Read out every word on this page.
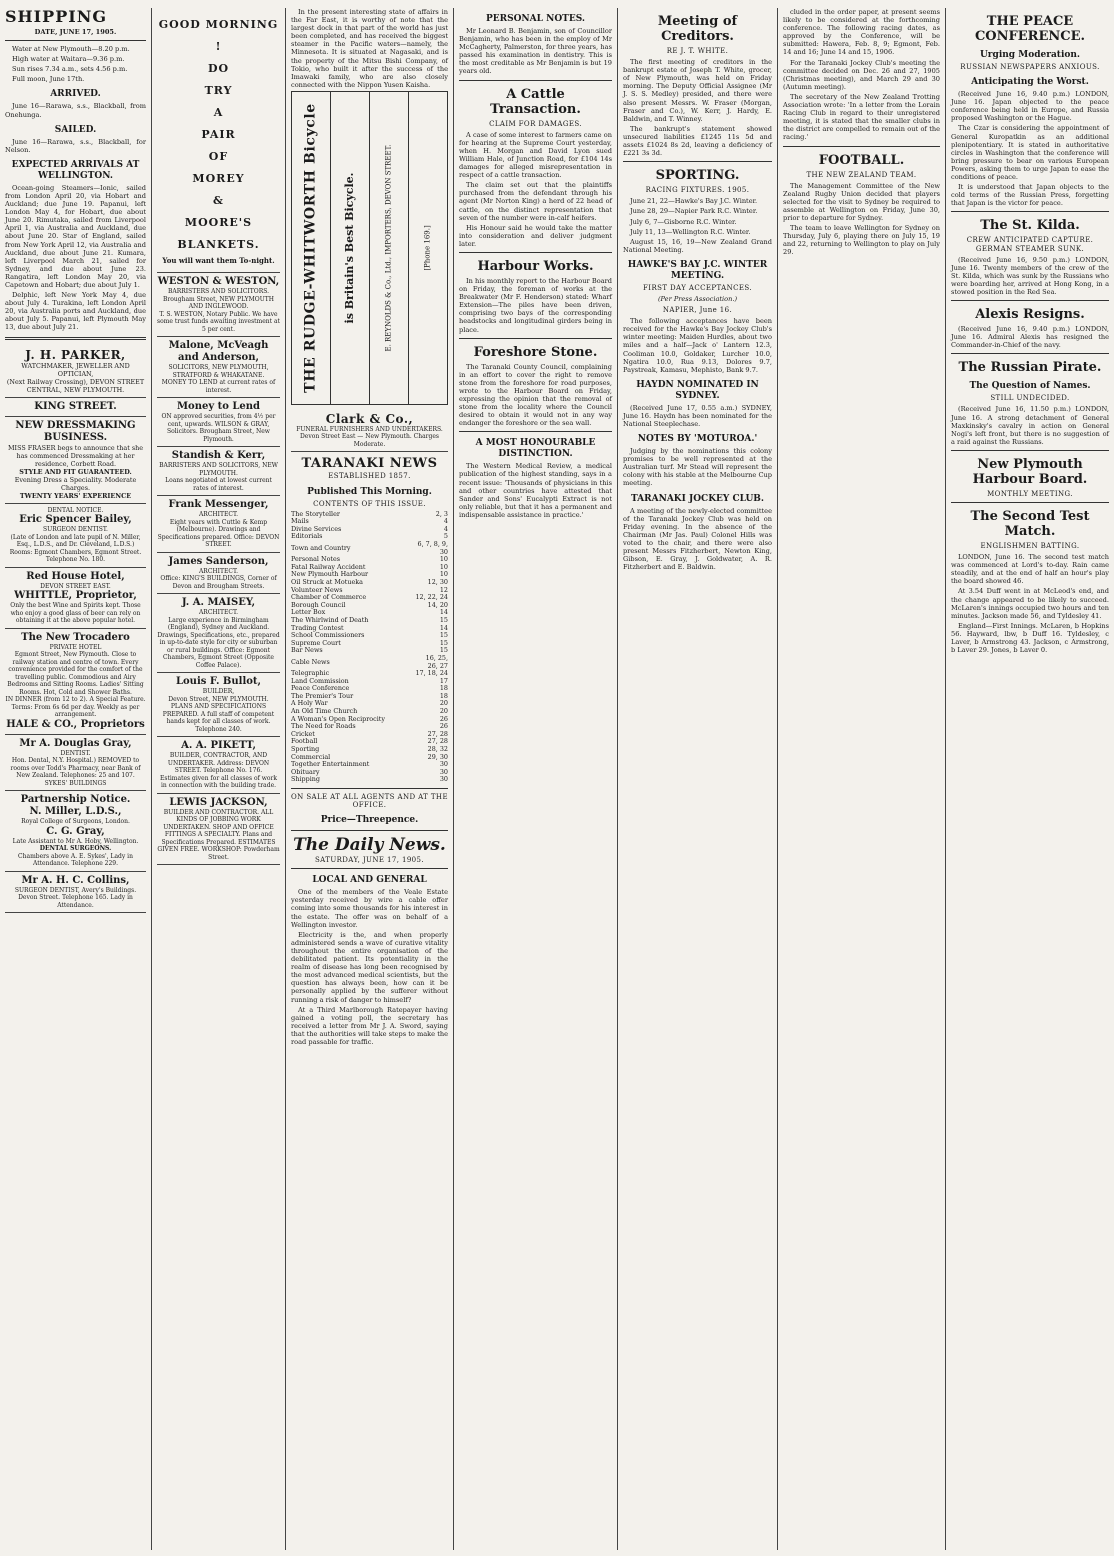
SHIPPING
DATE, JUNE 17, 1905.

Water at New Plymouth—8.20 p.m.

High water at Waitara—9.36 p.m.

Sun rises 7.34 a.m., sets 4.56 p.m.

Full moon, June 17th.

ARRIVED.

June 16—Rarawa, s.s., Blackball, from Onehunga.

SAILED.

June 16—Rarawa, s.s., Blackball, for Nelson.

EXPECTED ARRIVALS AT WELLINGTON.

Ocean-going Steamers—Ionic, sailed from London April 20, via Hobart and Auckland; due June 19. Papanui, left London May 4, for Hobart, due about June 20. Rimutaka, sailed from Liverpool April 1, via Australia and Auckland, due about June 20. Star of England, sailed from New York April 12, via Australia and Auckland, due about June 21. Kumara, left Liverpool March 21, sailed for Sydney, and due about June 23. Rangatira, left London May 20, via Capetown and Hobart; due about July 1.

Delphic, left New York May 4, due about July 4. Turakina, left London April 20, via Australia ports and Auckland, due about July 5. Papanui, left Plymouth May 13, due about July 21.

J. H. PARKER,
WATCHMAKER, JEWELLER AND OPTICIAN,
(Next Railway Crossing), DEVON STREET CENTRAL, NEW PLYMOUTH.
KING STREET.
NEW DRESSMAKING BUSINESS.
MISS FRASER begs to announce that she has commenced Dressmaking at her residence, Corbett Road.
STYLE AND FIT GUARANTEED.
Evening Dress a Speciality. Moderate Charges.
TWENTY YEARS' EXPERIENCE
DENTAL NOTICE.
Eric Spencer Bailey,
SURGEON DENTIST.
(Late of London and late pupil of N. Miller, Esq., L.D.S., and Dr. Cleveland, L.D.S.)
Rooms: Egmont Chambers, Egmont Street. Telephone No. 180.
Red House Hotel,
DEVON STREET EAST.
WHITTLE, Proprietor,
Only the best Wine and Spirits kept. Those who enjoy a good glass of beer can rely on obtaining it at the above popular hotel.
The New Trocadero
PRIVATE HOTEL
Egmont Street, New Plymouth. Close to railway station and centre of town. Every convenience provided for the comfort of the travelling public. Commodious and Airy Bedrooms and Sitting Rooms. Ladies' Sitting Rooms. Hot, Cold and Shower Baths.
IN DINNER (from 12 to 2). A Special Feature. Terms: From 6s 6d per day. Weekly as per arrangement.
HALE & CO., Proprietors
Mr A. Douglas Gray,
DENTIST.
Hon. Dental, N.Y. Hospital.) REMOVED to rooms over Todd's Pharmacy, near Bank of New Zealand. Telephones: 25 and 107. SYKES' BUILDINGS
Partnership Notice.
N. Miller, L.D.S.,
Royal College of Surgeons, London.
C. G. Gray,
Late Assistant to Mr A. Hoby, Wellington.
DENTAL SURGEONS.
Chambers above A. E. Sykes', Lady in Attendance. Telephone 229.
Mr A. H. C. Collins,
SURGEON DENTIST, Avery's Buildings. Devon Street. Telephone 165. Lady in Attendance.
GOOD MORNING !
DO
TRY
A
PAIR
OF
MOREY
&
MOORE'S
BLANKETS.
You will want them To-night.
WESTON & WESTON,
BARRISTERS AND SOLICITORS. Brougham Street, NEW PLYMOUTH AND INGLEWOOD.
T. S. WESTON, Notary Public. We have some trust funds awaiting investment at 5 per cent.
Malone, McVeagh and Anderson,
SOLICITORS, NEW PLYMOUTH, STRATFORD & WHAKATANE.
MONEY TO LEND at current rates of interest.
Money to Lend
ON approved securities, from 4½ per cent, upwards. WILSON & GRAY, Solicitors. Brougham Street, New Plymouth.
Standish & Kerr,
BARRISTERS AND SOLICITORS, NEW PLYMOUTH.
Loans negotiated at lowest current rates of interest.
Frank Messenger,
ARCHITECT.
Eight years with Cuttle & Kemp (Melbourne). Drawings and Specifications prepared. Office: DEVON STREET.
James Sanderson,
ARCHITECT.
Office: KING'S BUILDINGS, Corner of Devon and Brougham Streets.
J. A. MAISEY,
ARCHITECT.
Large experience in Birmingham (England), Sydney and Auckland. Drawings, Specifications, etc., prepared in up-to-date style for city or suburban or rural buildings. Office: Egmont Chambers, Egmont Street (Opposite Coffee Palace).
Louis F. Bullot,
BUILDER,
Devon Street, NEW PLYMOUTH. PLANS AND SPECIFICATIONS PREPARED. A full staff of competent hands kept for all classes of work. Telephone 240.
A. A. PIKETT,
BUILDER, CONTRACTOR, AND UNDERTAKER. Address: DEVON STREET. Telephone No. 176.
Estimates given for all classes of work in connection with the building trade.
LEWIS JACKSON,
BUILDER AND CONTRACTOR. ALL KINDS OF JOBBING WORK UNDERTAKEN. SHOP AND OFFICE FITTINGS A SPECIALTY. Plans and Specifications Prepared. ESTIMATES GIVEN FREE. WORKSHOP: Powderham Street.

In the present interesting state of affairs in the Far East, it is worthy of note that the largest dock in that part of the world has just been completed, and has received the biggest steamer in the Pacific waters—namely, the Minnesota. It is situated at Nagasaki, and is the property of the Mitsu Bishi Company, of Tokio, who built it after the success of the Imawaki family, who are also closely connected with the Nippon Yusen Kaisha.

THE RUDGE-WHITWORTH Bicycle is Britain's Best Bicycle.	E. REYNOLDS & Co., Ltd., IMPORTERS, DEVON STREET.	[Phone 169.]
Clark & Co.,
FUNERAL FURNISHERS AND UNDERTAKERS. Devon Street East — New Plymouth. Charges Moderate.
TARANAKI NEWS
ESTABLISHED 1857.
Published This Morning.
CONTENTS OF THIS ISSUE.
The Storyteller	2, 3
Mails	4
Divine Services	4
Editorials	5
Town and Country	6, 7, 8, 9, 30
Personal Notes	10
Fatal Railway Accident	10
New Plymouth Harbour	10
Oil Struck at Motueka	12, 30
Volunteer News	12
Chamber of Commerce	12, 22, 24
Borough Council	14, 20
Letter Box	14
The Whirlwind of Death	15
Trading Contest	14
School Commissioners	15
Supreme Court	15
Bar News	15
Cable News	16, 25, 26, 27
Telegraphic	17, 18, 24
Land Commission	17
Peace Conference	18
The Premier's Tour	18
A Holy War	20
An Old Time Church	20
A Woman's Open Reciprocity	26
The Need for Roads	26
Cricket	27, 28
Football	27, 28
Sporting	28, 32
Commercial	29, 30
Together Entertainment	30
Obituary	30
Shipping	30
ON SALE AT ALL AGENTS AND AT THE OFFICE.
Price—Threepence.
The Daily News.
SATURDAY, JUNE 17, 1905.
LOCAL AND GENERAL

One of the members of the Veale Estate yesterday received by wire a cable offer coming into some thousands for his interest in the estate. The offer was on behalf of a Wellington investor.

Electricity is the, and when properly administered sends a wave of curative vitality throughout the entire organisation of the debilitated patient. Its potentiality in the realm of disease has long been recognised by the most advanced medical scientists, but the question has always been, how can it be personally applied by the sufferer without running a risk of danger to himself?

At a Third Marlborough Ratepayer having gained a voting poll, the secretary has received a letter from Mr J. A. Sword, saying that the authorities will take steps to make the road passable for traffic.

PERSONAL NOTES.

Mr Leonard B. Benjamin, son of Councillor Benjamin, who has been in the employ of Mr McCagherty, Palmerston, for three years, has passed his examination in dentistry. This is the most creditable as Mr Benjamin is but 19 years old.

A Cattle Transaction.
CLAIM FOR DAMAGES.

A case of some interest to farmers came on for hearing at the Supreme Court yesterday, when H. Morgan and David Lyon sued William Hale, of Junction Road, for £104 14s damages for alleged misrepresentation in respect of a cattle transaction.

The claim set out that the plaintiffs purchased from the defendant through his agent (Mr Norton King) a herd of 22 head of cattle, on the distinct representation that seven of the number were in-calf heifers.

His Honour said he would take the matter into consideration and deliver judgment later.

Harbour Works.

In his monthly report to the Harbour Board on Friday, the foreman of works at the Breakwater (Mr F. Henderson) stated: Wharf Extension—The piles have been driven, comprising two bays of the corresponding headstocks and longitudinal girders being in place.

Foreshore Stone.

The Taranaki County Council, complaining in an effort to cover the right to remove stone from the foreshore for road purposes, wrote to the Harbour Board on Friday, expressing the opinion that the removal of stone from the locality where the Council desired to obtain it would not in any way endanger the foreshore or the sea wall.

A MOST HONOURABLE DISTINCTION.

The Western Medical Review, a medical publication of the highest standing, says in a recent issue: 'Thousands of physicians in this and other countries have attested that Sander and Sons' Eucalypti Extract is not only reliable, but that it has a permanent and indispensable assistance in practice.'

Meeting of Creditors.
RE J. T. WHITE.

The first meeting of creditors in the bankrupt estate of Joseph T. White, grocer, of New Plymouth, was held on Friday morning. The Deputy Official Assignee (Mr J. S. S. Medley) presided, and there were also present Messrs. W. Fraser (Morgan, Fraser and Co.), W. Kerr, J. Hardy, E. Baldwin, and T. Winney.

The bankrupt's statement showed unsecured liabilities £1245 11s 5d and assets £1024 8s 2d, leaving a deficiency of £221 3s 3d.

SPORTING.
RACING FIXTURES. 1905.

June 21, 22—Hawke's Bay J.C. Winter.

June 28, 29—Napier Park R.C. Winter.

July 6, 7—Gisborne R.C. Winter.

July 11, 13—Wellington R.C. Winter.

August 15, 16, 19—New Zealand Grand National Meeting.

HAWKE'S BAY J.C. WINTER MEETING.
FIRST DAY ACCEPTANCES.
(Per Press Association.)
NAPIER, June 16.

The following acceptances have been received for the Hawke's Bay Jockey Club's winter meeting: Maiden Hurdles, about two miles and a half—Jack o' Lantern 12.3, Cooliman 10.0, Goldaker, Lurcher 10.0, Ngatira 10.0, Rua 9.13, Dolores 9.7, Paystreak, Kamasu, Mephisto, Bank 9.7.

HAYDN NOMINATED IN SYDNEY.

(Received June 17, 0.55 a.m.) SYDNEY, June 16. Haydn has been nominated for the National Steeplechase.

NOTES BY 'MOTUROA.'

Judging by the nominations this colony promises to be well represented at the Australian turf. Mr Stead will represent the colony with his stable at the Melbourne Cup meeting.

TARANAKI JOCKEY CLUB.

A meeting of the newly-elected committee of the Taranaki Jockey Club was held on Friday evening. In the absence of the Chairman (Mr Jas. Paul) Colonel Hills was voted to the chair, and there were also present Messrs Fitzherbert, Newton King, Gibson, E. Gray, J. Goldwater, A. R. Fitzherbert and E. Baldwin.

cluded in the order paper, at present seems likely to be considered at the forthcoming conference. The following racing dates, as approved by the Conference, will be submitted: Hawera, Feb. 8, 9; Egmont, Feb. 14 and 16; June 14 and 15, 1906.

For the Taranaki Jockey Club's meeting the committee decided on Dec. 26 and 27, 1905 (Christmas meeting), and March 29 and 30 (Autumn meeting).

The secretary of the New Zealand Trotting Association wrote: 'In a letter from the Lorain Racing Club in regard to their unregistered meeting, it is stated that the smaller clubs in the district are compelled to remain out of the racing.'

FOOTBALL.
THE NEW ZEALAND TEAM.

The Management Committee of the New Zealand Rugby Union decided that players selected for the visit to Sydney be required to assemble at Wellington on Friday, June 30, prior to departure for Sydney.

The team to leave Wellington for Sydney on Thursday, July 6, playing there on July 15, 19 and 22, returning to Wellington to play on July 29.

THE PEACE CONFERENCE.
Urging Moderation.
RUSSIAN NEWSPAPERS ANXIOUS.
Anticipating the Worst.

(Received June 16, 9.40 p.m.) LONDON, June 16. Japan objected to the peace conference being held in Europe, and Russia proposed Washington or the Hague.

The Czar is considering the appointment of General Kuropatkin as an additional plenipotentiary. It is stated in authoritative circles in Washington that the conference will bring pressure to bear on various European Powers, asking them to urge Japan to ease the conditions of peace.

It is understood that Japan objects to the cold terms of the Russian Press, forgetting that Japan is the victor for peace.

The St. Kilda.
CREW ANTICIPATED CAPTURE. GERMAN STEAMER SUNK.

(Received June 16, 9.50 p.m.) LONDON, June 16. Twenty members of the crew of the St. Kilda, which was sunk by the Russians who were boarding her, arrived at Hong Kong, in a stowed position in the Red Sea.

Alexis Resigns.

(Received June 16, 9.40 p.m.) LONDON, June 16. Admiral Alexis has resigned the Commander-in-Chief of the navy.

The Russian Pirate.
The Question of Names.
STILL UNDECIDED.

(Received June 16, 11.50 p.m.) LONDON, June 16. A strong detachment of General Maxkinsky's cavalry in action on General Nogi's left front, but there is no suggestion of a raid against the Russians.

New Plymouth Harbour Board.
MONTHLY MEETING.
The Second Test Match.
ENGLISHMEN BATTING.

LONDON, June 16. The second test match was commenced at Lord's to-day. Rain came steadily, and at the end of half an hour's play the board showed 46.

At 3.54 Duff went in at McLeod's end, and the change appeared to be likely to succeed. McLaren's innings occupied two hours and ten minutes. Jackson made 56, and Tyldesley 41.

England—First Innings. McLaren, b Hopkins 56. Hayward, lbw, b Duff 16. Tyldesley, c Laver, b Armstrong 43. Jackson, c Armstrong, b Laver 29. Jones, b Laver 0.
